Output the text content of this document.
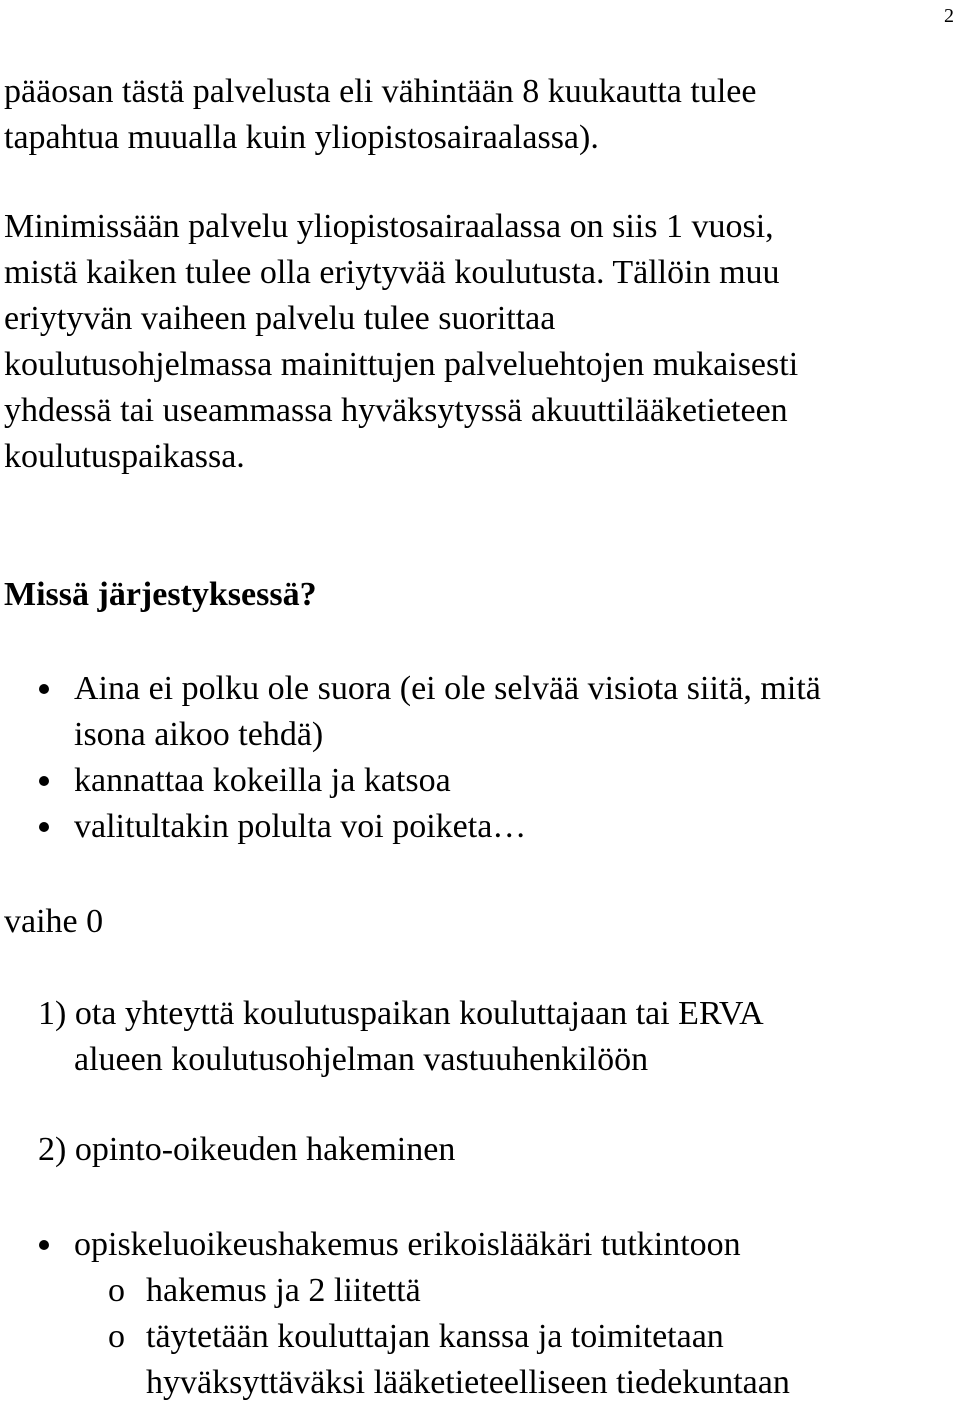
2

pääosan tästä palvelusta eli vähintään 8 kuukautta tulee
tapahtua muualla kuin yliopistosairaalassa).

Minimissään palvelu yliopistosairaalassa on siis 1 vuosi,
mistä kaiken tulee olla eriytyvää koulutusta. Tällöin muu
eriytyvän vaiheen palvelu tulee suorittaa
koulutusohjelmassa mainittujen palveluehtojen mukaisesti
yhdessä tai useammassa hyväksytyssä akuuttilääketieteen
koulutuspaikassa.

Missä järjestyksessä?
Aina ei polku ole suora (ei ole selvää visiota siitä, mitä
isona aikoo tehdä)
kannattaa kokeilla ja katsoa
valitultakin polulta voi poiketa…
vaihe 0

1) ota yhteyttä koulutuspaikan kouluttajaan tai ERVA
alueen koulutusohjelman vastuuhenkilöön

2) opinto-oikeuden hakeminen

opiskeluoikeushakemus erikoislääkäri tutkintoon
o hakemus ja 2 liitettä
o täytetään kouluttajan kanssa ja toimitetaan
hyväksyttäväksi lääketieteelliseen tiedekuntaan
